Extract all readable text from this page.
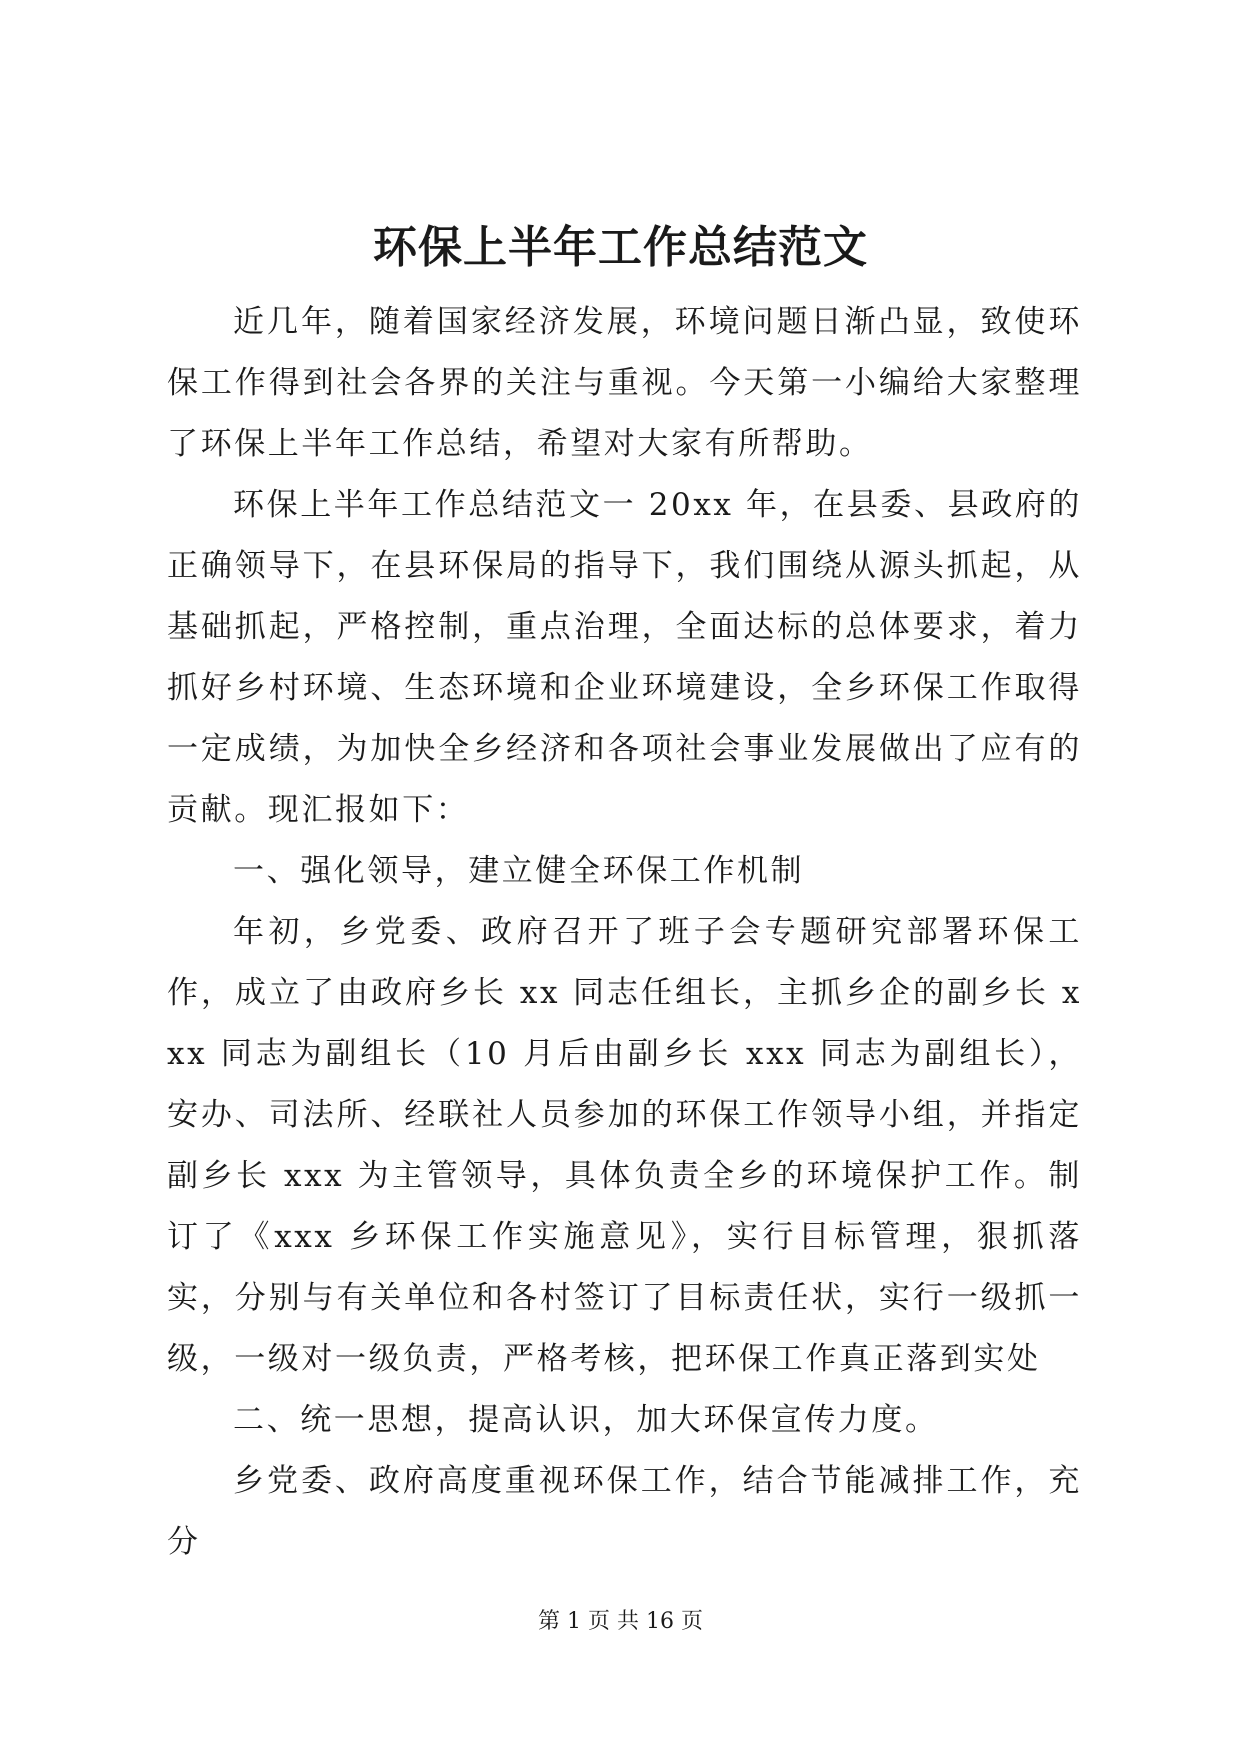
环保上半年工作总结范文

近几年，随着国家经济发展，环境问题日渐凸显，致使环保工作得到社会各界的关注与重视。今天第一小编给大家整理了环保上半年工作总结，希望对大家有所帮助。

环保上半年工作总结范文一 20xx 年，在县委、县政府的正确领导下，在县环保局的指导下，我们围绕从源头抓起，从基础抓起，严格控制，重点治理，全面达标的总体要求，着力抓好乡村环境、生态环境和企业环境建设，全乡环保工作取得一定成绩，为加快全乡经济和各项社会事业发展做出了应有的贡献。现汇报如下：

一、强化领导，建立健全环保工作机制

年初，乡党委、政府召开了班子会专题研究部署环保工作，成立了由政府乡长 xx 同志任组长，主抓乡企的副乡长 xxx 同志为副组长（10 月后由副乡长 xxx 同志为副组长），安办、司法所、经联社人员参加的环保工作领导小组，并指定副乡长 xxx 为主管领导，具体负责全乡的环境保护工作。制订了《xxx 乡环保工作实施意见》，实行目标管理，狠抓落实，分别与有关单位和各村签订了目标责任状，实行一级抓一级，一级对一级负责，严格考核，把环保工作真正落到实处

二、统一思想，提高认识，加大环保宣传力度。

乡党委、政府高度重视环保工作，结合节能减排工作，充分

第 1 页 共 16 页
